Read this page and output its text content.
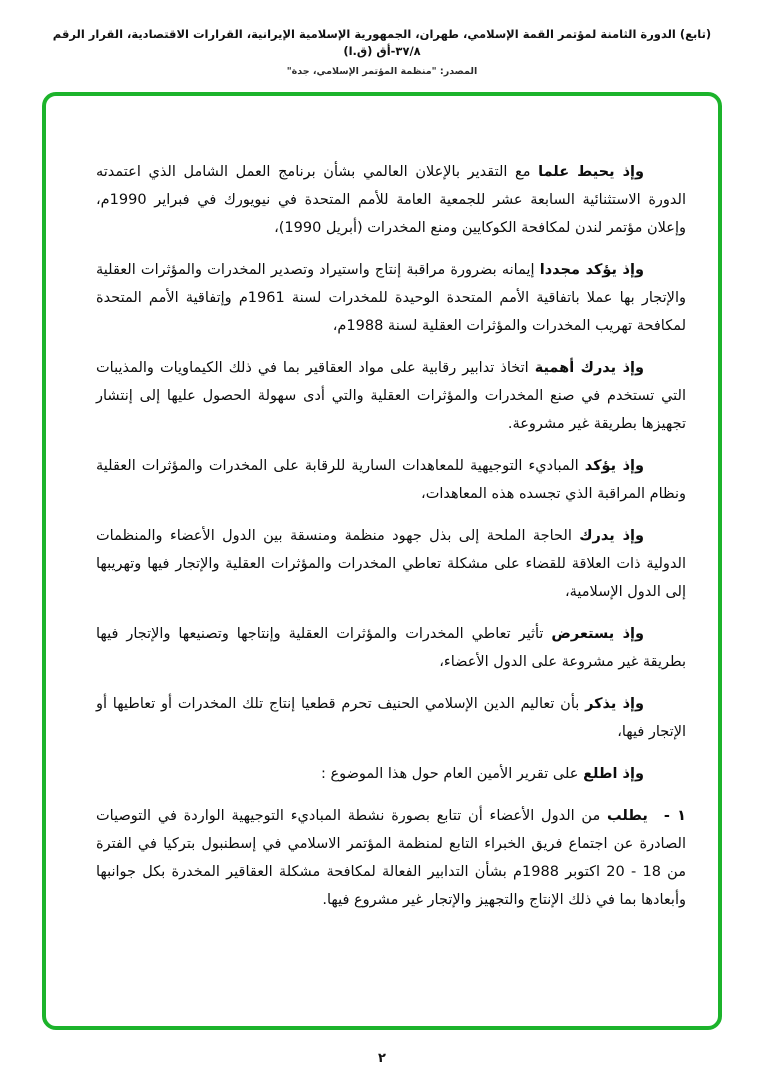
(تابع) الدورة الثامنة لمؤتمر القمة الإسلامي، طهران، الجمهورية الإسلامية الإيرانية، القرارات الاقتصادية، القرار الرقم ٣٧/٨-أق (ق.ا)
المصدر: "منظمة المؤتمر الإسلامي، جدة"

وإذ يحيط علما مع التقدير بالإعلان العالمي بشأن برنامج العمل الشامل الذي اعتمدته الدورة الاستثنائية السابعة عشر للجمعية العامة للأمم المتحدة في نيويورك في فبراير 1990م، وإعلان مؤتمر لندن لمكافحة الكوكايين ومنع المخدرات (أبريل 1990)،

وإذ يؤكد مجددا إيمانه بضرورة مراقبة إنتاج واستيراد وتصدير المخدرات والمؤثرات العقلية والإتجار بها عملا باتفاقية الأمم المتحدة الوحيدة للمخدرات لسنة 1961م وإتفاقية الأمم المتحدة لمكافحة تهريب المخدرات والمؤثرات العقلية لسنة 1988م،

وإذ يدرك أهمية اتخاذ تدابير رقابية على مواد العقاقير بما في ذلك الكيماويات والمذيبات التي تستخدم في صنع المخدرات والمؤثرات العقلية والتي أدى سهولة الحصول عليها إلى إنتشار تجهيزها بطريقة غير مشروعة.

وإذ يؤكد المباديء التوجيهية للمعاهدات السارية للرقابة على المخدرات والمؤثرات العقلية ونظام المراقبة الذي تجسده هذه المعاهدات،

وإذ يدرك الحاجة الملحة إلى بذل جهود منظمة ومنسقة بين الدول الأعضاء والمنظمات الدولية ذات العلاقة للقضاء على مشكلة تعاطي المخدرات والمؤثرات العقلية والإتجار فيها وتهريبها إلى الدول الإسلامية،

وإذ يستعرض تأثير تعاطي المخدرات والمؤثرات العقلية وإنتاجها وتصنيعها والإتجار فيها بطريقة غير مشروعة على الدول الأعضاء،

وإذ يذكر بأن تعاليم الدين الإسلامي الحنيف تحرم قطعيا إنتاج تلك المخدرات أو تعاطيها أو الإتجار فيها،

وإذ اطلع على تقرير الأمين العام حول هذا الموضوع :

١ -يطلب من الدول الأعضاء أن تتابع بصورة نشطة المباديء التوجيهية الواردة في التوصيات الصادرة عن اجتماع فريق الخبراء التابع لمنظمة المؤتمر الاسلامي في إسطنبول بتركيا في الفترة من 18 - 20 اكتوبر 1988م بشأن التدابير الفعالة لمكافحة مشكلة العقاقير المخدرة بكل جوانبها وأبعادها بما في ذلك الإنتاج والتجهيز والإتجار غير مشروع فيها.

٢
